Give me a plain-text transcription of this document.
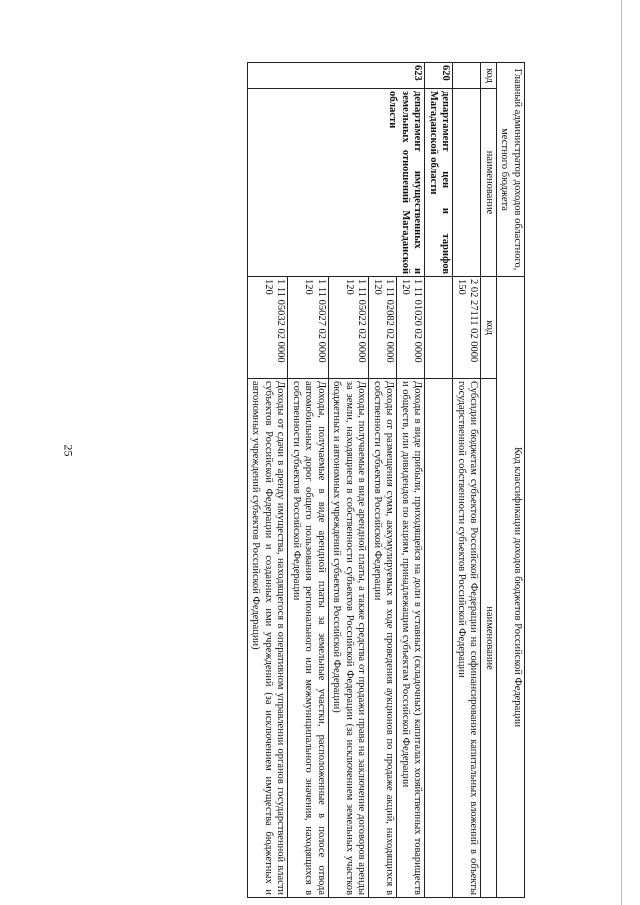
25
Главный администратор доходов областного, местного бюджета		Код классификации доходов бюджетов Российской Федерации	
код	наименование	код	наименование
		2 02 27111 02 0000 150	Субсидии бюджетам субъектов Российской Федерации на софинансирование капитальных вложений в объекты государственной собственности субъектов Российской Федерации
620	департамент цен и тарифов Магаданской области		
623	департамент имущественных и земельных отношений Магаданской области	1 11 01020 02 0000 120	Доходы в виде прибыли, приходящейся на доли в уставных (складочных) капиталах хозяйственных товариществ и обществ, или дивидендов по акциям, принадлежащим субъектам Российской Федерации
		1 11 02082 02 0000 120	Доходы от размещения сумм, аккумулируемых в ходе проведения аукционов по продаже акций, находящихся в собственности субъектов Российской Федерации
		1 11 05022 02 0000 120	Доходы, получаемые в виде арендной платы, а также средства от продажи права на заключение договоров аренды за земли, находящиеся в собственности субъектов Российской Федерации (за исключением земельных участков бюджетных и автономных учреждений субъектов Российской Федерации)
		1 11 05027 02 0000 120	Доходы, получаемые в виде арендной платы за земельные участки, расположенные в полосе отвода автомобильных дорог общего пользования регионального или межмуниципального значения, находящихся в собственности субъектов Российской Федерации
		1 11 05032 02 0000 120	Доходы от сдачи в аренду имущества, находящегося в оперативном управлении органов государственной власти субъектов Российской Федерации и созданных ими учреждений (за исключением имущества бюджетных и автономных учреждений субъектов Российской Федерации)
